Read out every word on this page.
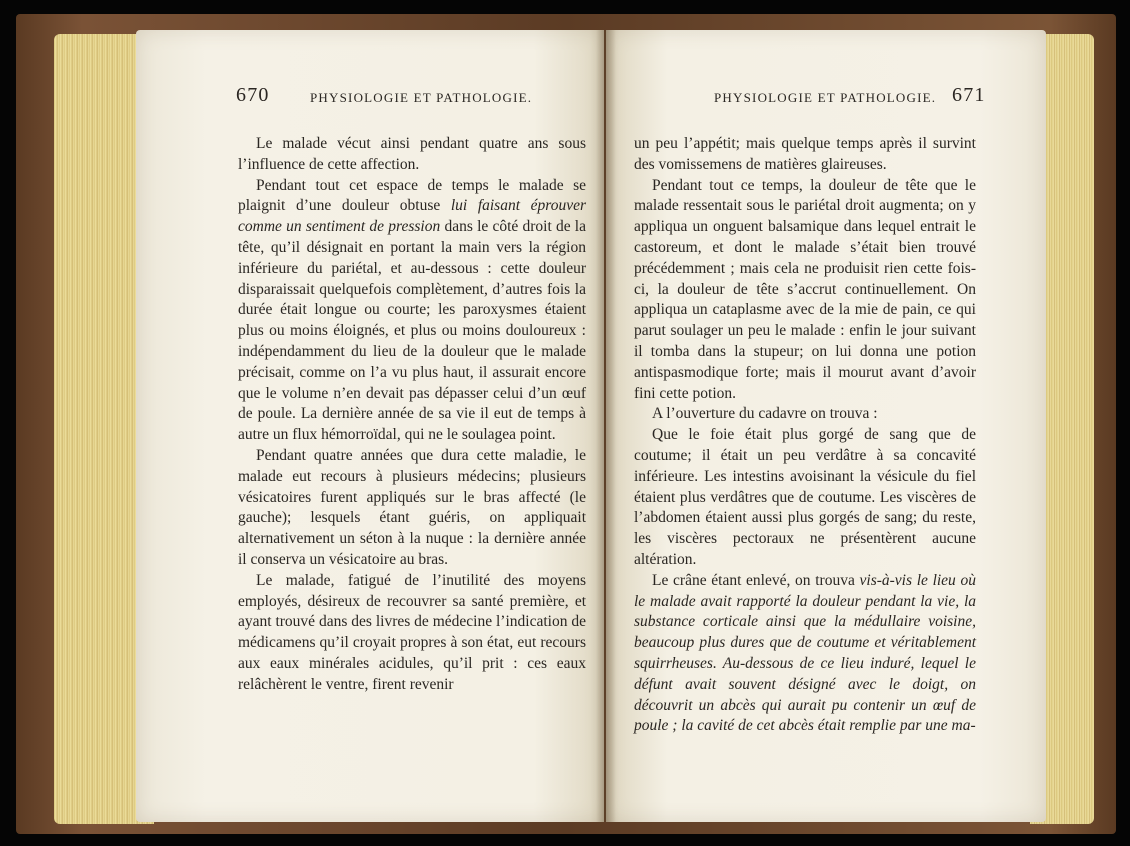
670	PHYSIOLOGIE ET PATHOLOGIE.

Le malade vécut ainsi pendant quatre ans sous l’influence de cette affection.

Pendant tout cet espace de temps le malade se plaignit d’une douleur obtuse lui faisant éprouver comme un sentiment de pression dans le côté droit de la tête, qu’il désignait en portant la main vers la région inférieure du pariétal, et au-dessous : cette douleur disparaissait quelquefois complètement, d’autres fois la durée était longue ou courte; les paroxysmes étaient plus ou moins éloignés, et plus ou moins douloureux : indépendamment du lieu de la douleur que le malade précisait, comme on l’a vu plus haut, il assurait encore que le volume n’en devait pas dépasser celui d’un œuf de poule. La dernière année de sa vie il eut de temps à autre un flux hémorroïdal, qui ne le soulagea point.

Pendant quatre années que dura cette maladie, le malade eut recours à plusieurs médecins; plusieurs vésicatoires furent appliqués sur le bras affecté (le gauche); lesquels étant guéris, on appliquait alternativement un séton à la nuque : la dernière année il conserva un vésicatoire au bras.

Le malade, fatigué de l’inutilité des moyens employés, désireux de recouvrer sa santé première, et ayant trouvé dans des livres de médecine l’indication de médicamens qu’il croyait propres à son état, eut recours aux eaux minérales acidules, qu’il prit : ces eaux relâchèrent le ventre, firent revenir

PHYSIOLOGIE ET PATHOLOGIE. 671

un peu l’appétit; mais quelque temps après il survint des vomissemens de matières glaireuses.

Pendant tout ce temps, la douleur de tête que le malade ressentait sous le pariétal droit augmenta; on y appliqua un onguent balsamique dans lequel entrait le castoreum, et dont le malade s’était bien trouvé précédemment ; mais cela ne produisit rien cette fois-ci, la douleur de tête s’accrut continuellement. On appliqua un cataplasme avec de la mie de pain, ce qui parut soulager un peu le malade : enfin le jour suivant il tomba dans la stupeur; on lui donna une potion antispasmodique forte; mais il mourut avant d’avoir fini cette potion.

A l’ouverture du cadavre on trouva :

Que le foie était plus gorgé de sang que de coutume; il était un peu verdâtre à sa concavité inférieure. Les intestins avoisinant la vésicule du fiel étaient plus verdâtres que de coutume. Les viscères de l’abdomen étaient aussi plus gorgés de sang; du reste, les viscères pectoraux ne présentèrent aucune altération.

Le crâne étant enlevé, on trouva vis-à-vis le lieu où le malade avait rapporté la douleur pendant la vie, la substance corticale ainsi que la médullaire voisine, beaucoup plus dures que de coutume et véritablement squirrheuses. Au-dessous de ce lieu induré, lequel le défunt avait souvent désigné avec le doigt, on découvrit un abcès qui aurait pu contenir un œuf de poule ; la cavité de cet abcès était remplie par une ma-
